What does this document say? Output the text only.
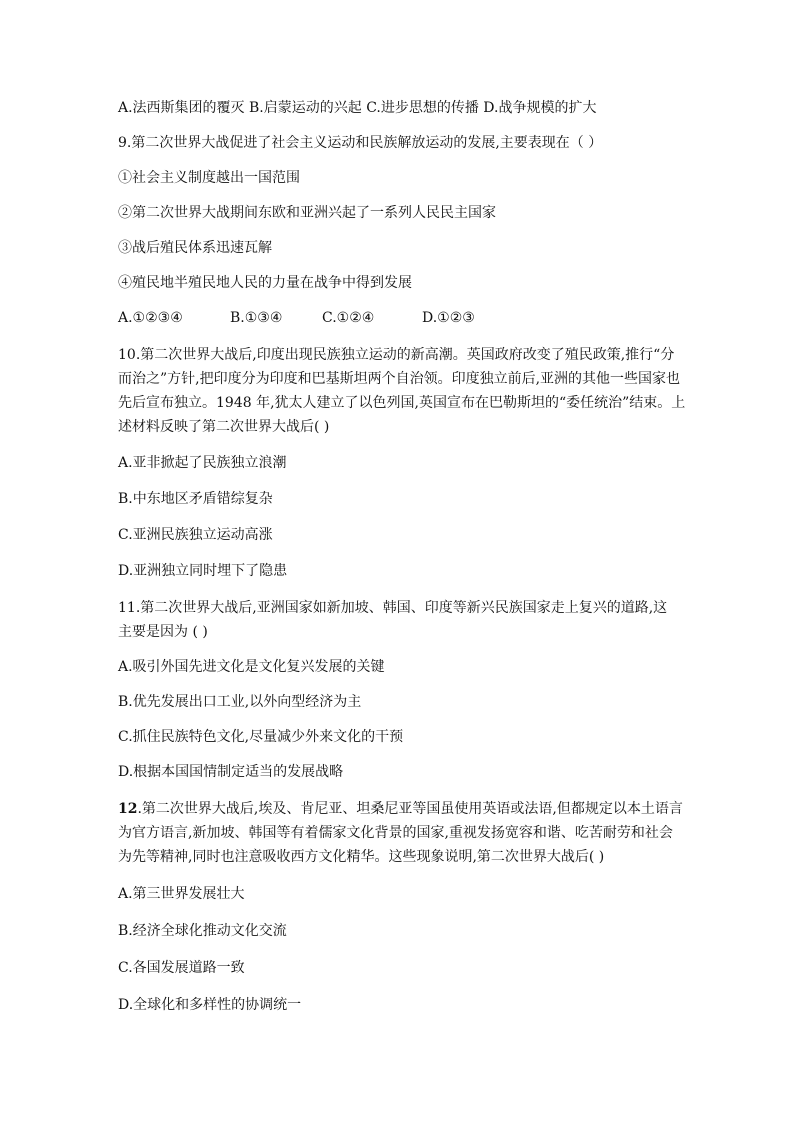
A.法西斯集团的覆灭 B.启蒙运动的兴起 C.进步思想的传播 D.战争规模的扩大

9.第二次世界大战促进了社会主义运动和民族解放运动的发展,主要表现在（ ）

①社会主义制度越出一国范围

②第二次世界大战期间东欧和亚洲兴起了一系列人民民主国家

③战后殖民体系迅速瓦解

④殖民地半殖民地人民的力量在战争中得到发展

A.①②③④	B.①③④	C.①②④	D.①②③

10.第二次世界大战后,印度出现民族独立运动的新高潮。英国政府改变了殖民政策,推行“分

而治之”方针,把印度分为印度和巴基斯坦两个自治领。印度独立前后,亚洲的其他一些国家也

先后宣布独立。1948 年,犹太人建立了以色列国,英国宣布在巴勒斯坦的“委任统治”结束。上

述材料反映了第二次世界大战后( )

A.亚非掀起了民族独立浪潮

B.中东地区矛盾错综复杂

C.亚洲民族独立运动高涨

D.亚洲独立同时埋下了隐患

11.第二次世界大战后,亚洲国家如新加坡、韩国、印度等新兴民族国家走上复兴的道路,这

主要是因为 ( )

A.吸引外国先进文化是文化复兴发展的关键

B.优先发展出口工业,以外向型经济为主

C.抓住民族特色文化,尽量减少外来文化的干预

D.根据本国国情制定适当的发展战略

12.第二次世界大战后,埃及、肯尼亚、坦桑尼亚等国虽使用英语或法语,但都规定以本土语言

为官方语言,新加坡、韩国等有着儒家文化背景的国家,重视发扬宽容和谐、吃苦耐劳和社会

为先等精神,同时也注意吸收西方文化精华。这些现象说明,第二次世界大战后( )

A.第三世界发展壮大

B.经济全球化推动文化交流

C.各国发展道路一致

D.全球化和多样性的协调统一
